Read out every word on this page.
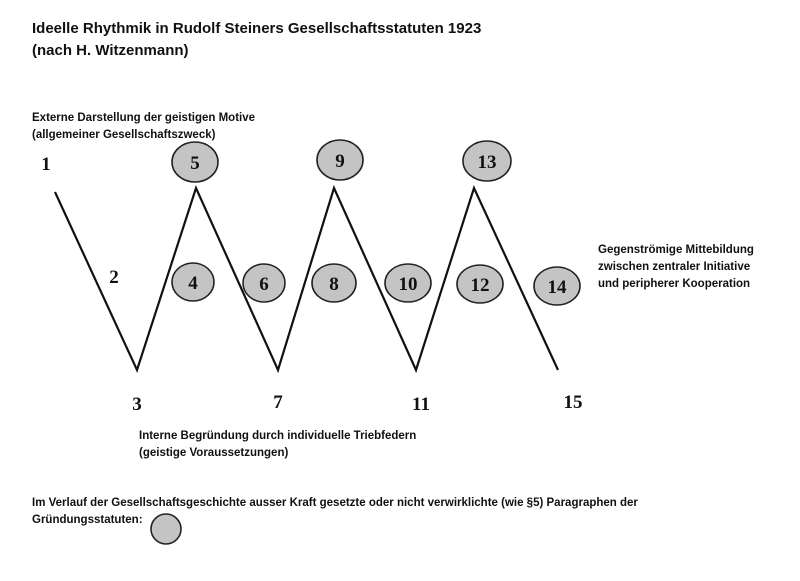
Ideelle Rhythmik in Rudolf Steiners Gesellschaftsstatuten 1923
(nach H. Witzenmann)
Externe Darstellung der geistigen Motive
(allgemeiner Gesellschaftszweck)
Gegenströmige Mittebildung
zwischen zentraler Initiative
und peripherer Kooperation
Interne Begründung durch individuelle Triebfedern
(geistige Voraussetzungen)
Im Verlauf der Gesellschaftsgeschichte ausser Kraft gesetzte oder nicht verwirklichte (wie §5) Paragraphen der
Gründungsstatuten:
1
2
3	7	11	15
5	9	13
4	6	8	10	12	14
